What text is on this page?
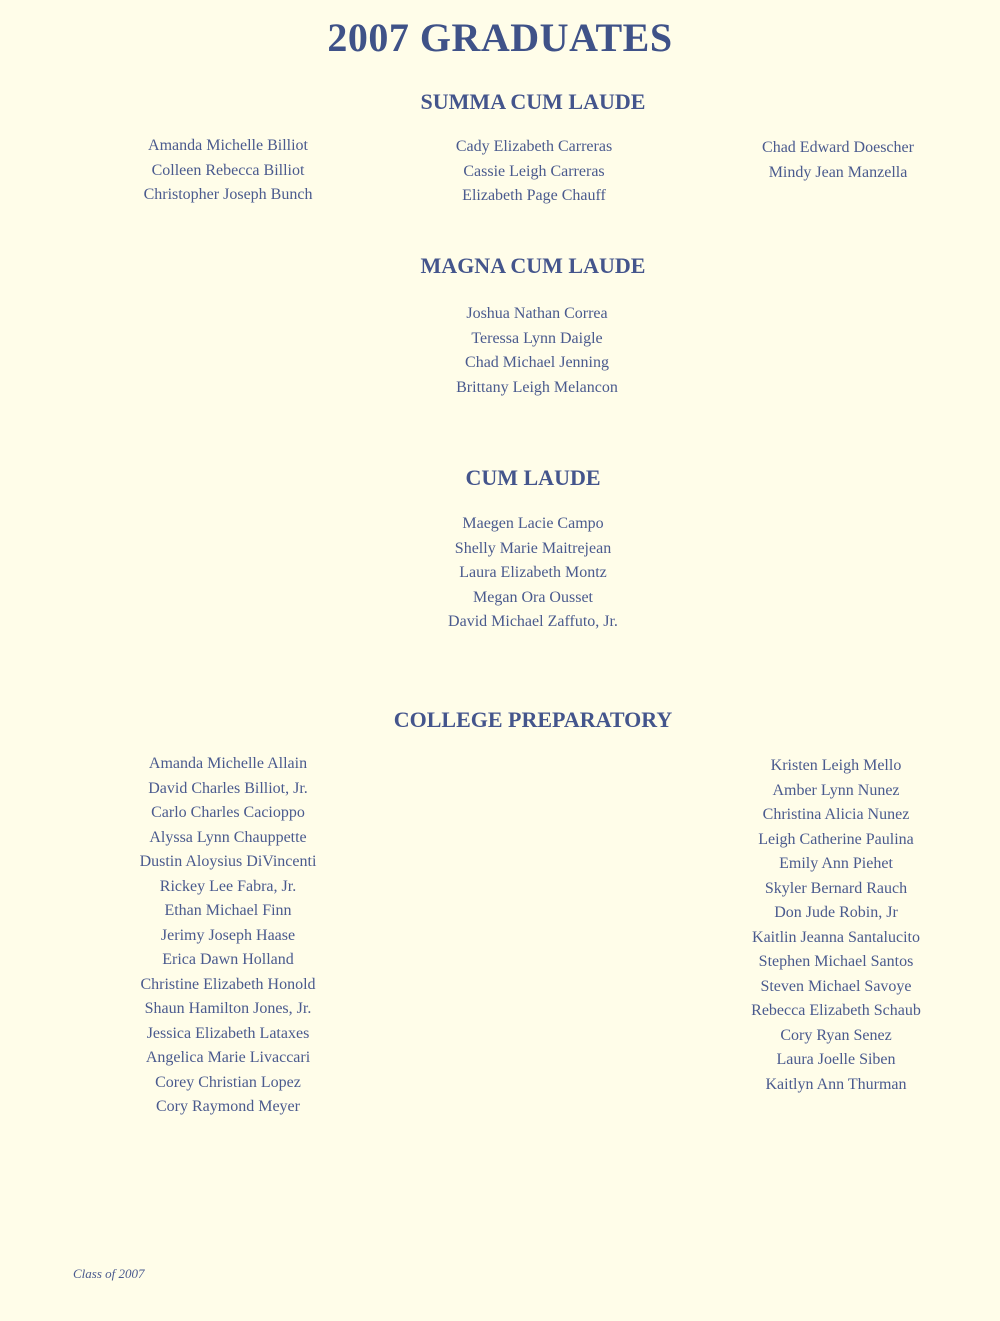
2007 GRADUATES
SUMMA CUM LAUDE
Amanda Michelle Billiot
Colleen Rebecca Billiot
Christopher Joseph Bunch
Cady Elizabeth Carreras
Cassie Leigh Carreras
Elizabeth Page Chauff
Chad Edward Doescher
Mindy Jean Manzella
MAGNA CUM LAUDE
Joshua Nathan Correa
Teressa Lynn Daigle
Chad Michael Jenning
Brittany Leigh Melancon
CUM LAUDE
Maegen Lacie Campo
Shelly Marie Maitrejean
Laura Elizabeth Montz
Megan Ora Ousset
David Michael Zaffuto, Jr.
COLLEGE PREPARATORY
Amanda Michelle Allain
David Charles Billiot, Jr.
Carlo Charles Cacioppo
Alyssa Lynn Chauppette
Dustin Aloysius DiVincenti
Rickey Lee Fabra, Jr.
Ethan Michael Finn
Jerimy Joseph Haase
Erica Dawn Holland
Christine Elizabeth Honold
Shaun Hamilton Jones, Jr.
Jessica Elizabeth Lataxes
Angelica Marie Livaccari
Corey Christian Lopez
Cory Raymond Meyer
Kristen Leigh Mello
Amber Lynn Nunez
Christina Alicia Nunez
Leigh Catherine Paulina
Emily Ann Piehet
Skyler Bernard Rauch
Don Jude Robin, Jr
Kaitlin Jeanna Santalucito
Stephen Michael Santos
Steven Michael Savoye
Rebecca Elizabeth Schaub
Cory Ryan Senez
Laura Joelle Siben
Kaitlyn Ann Thurman
Class of 2007
